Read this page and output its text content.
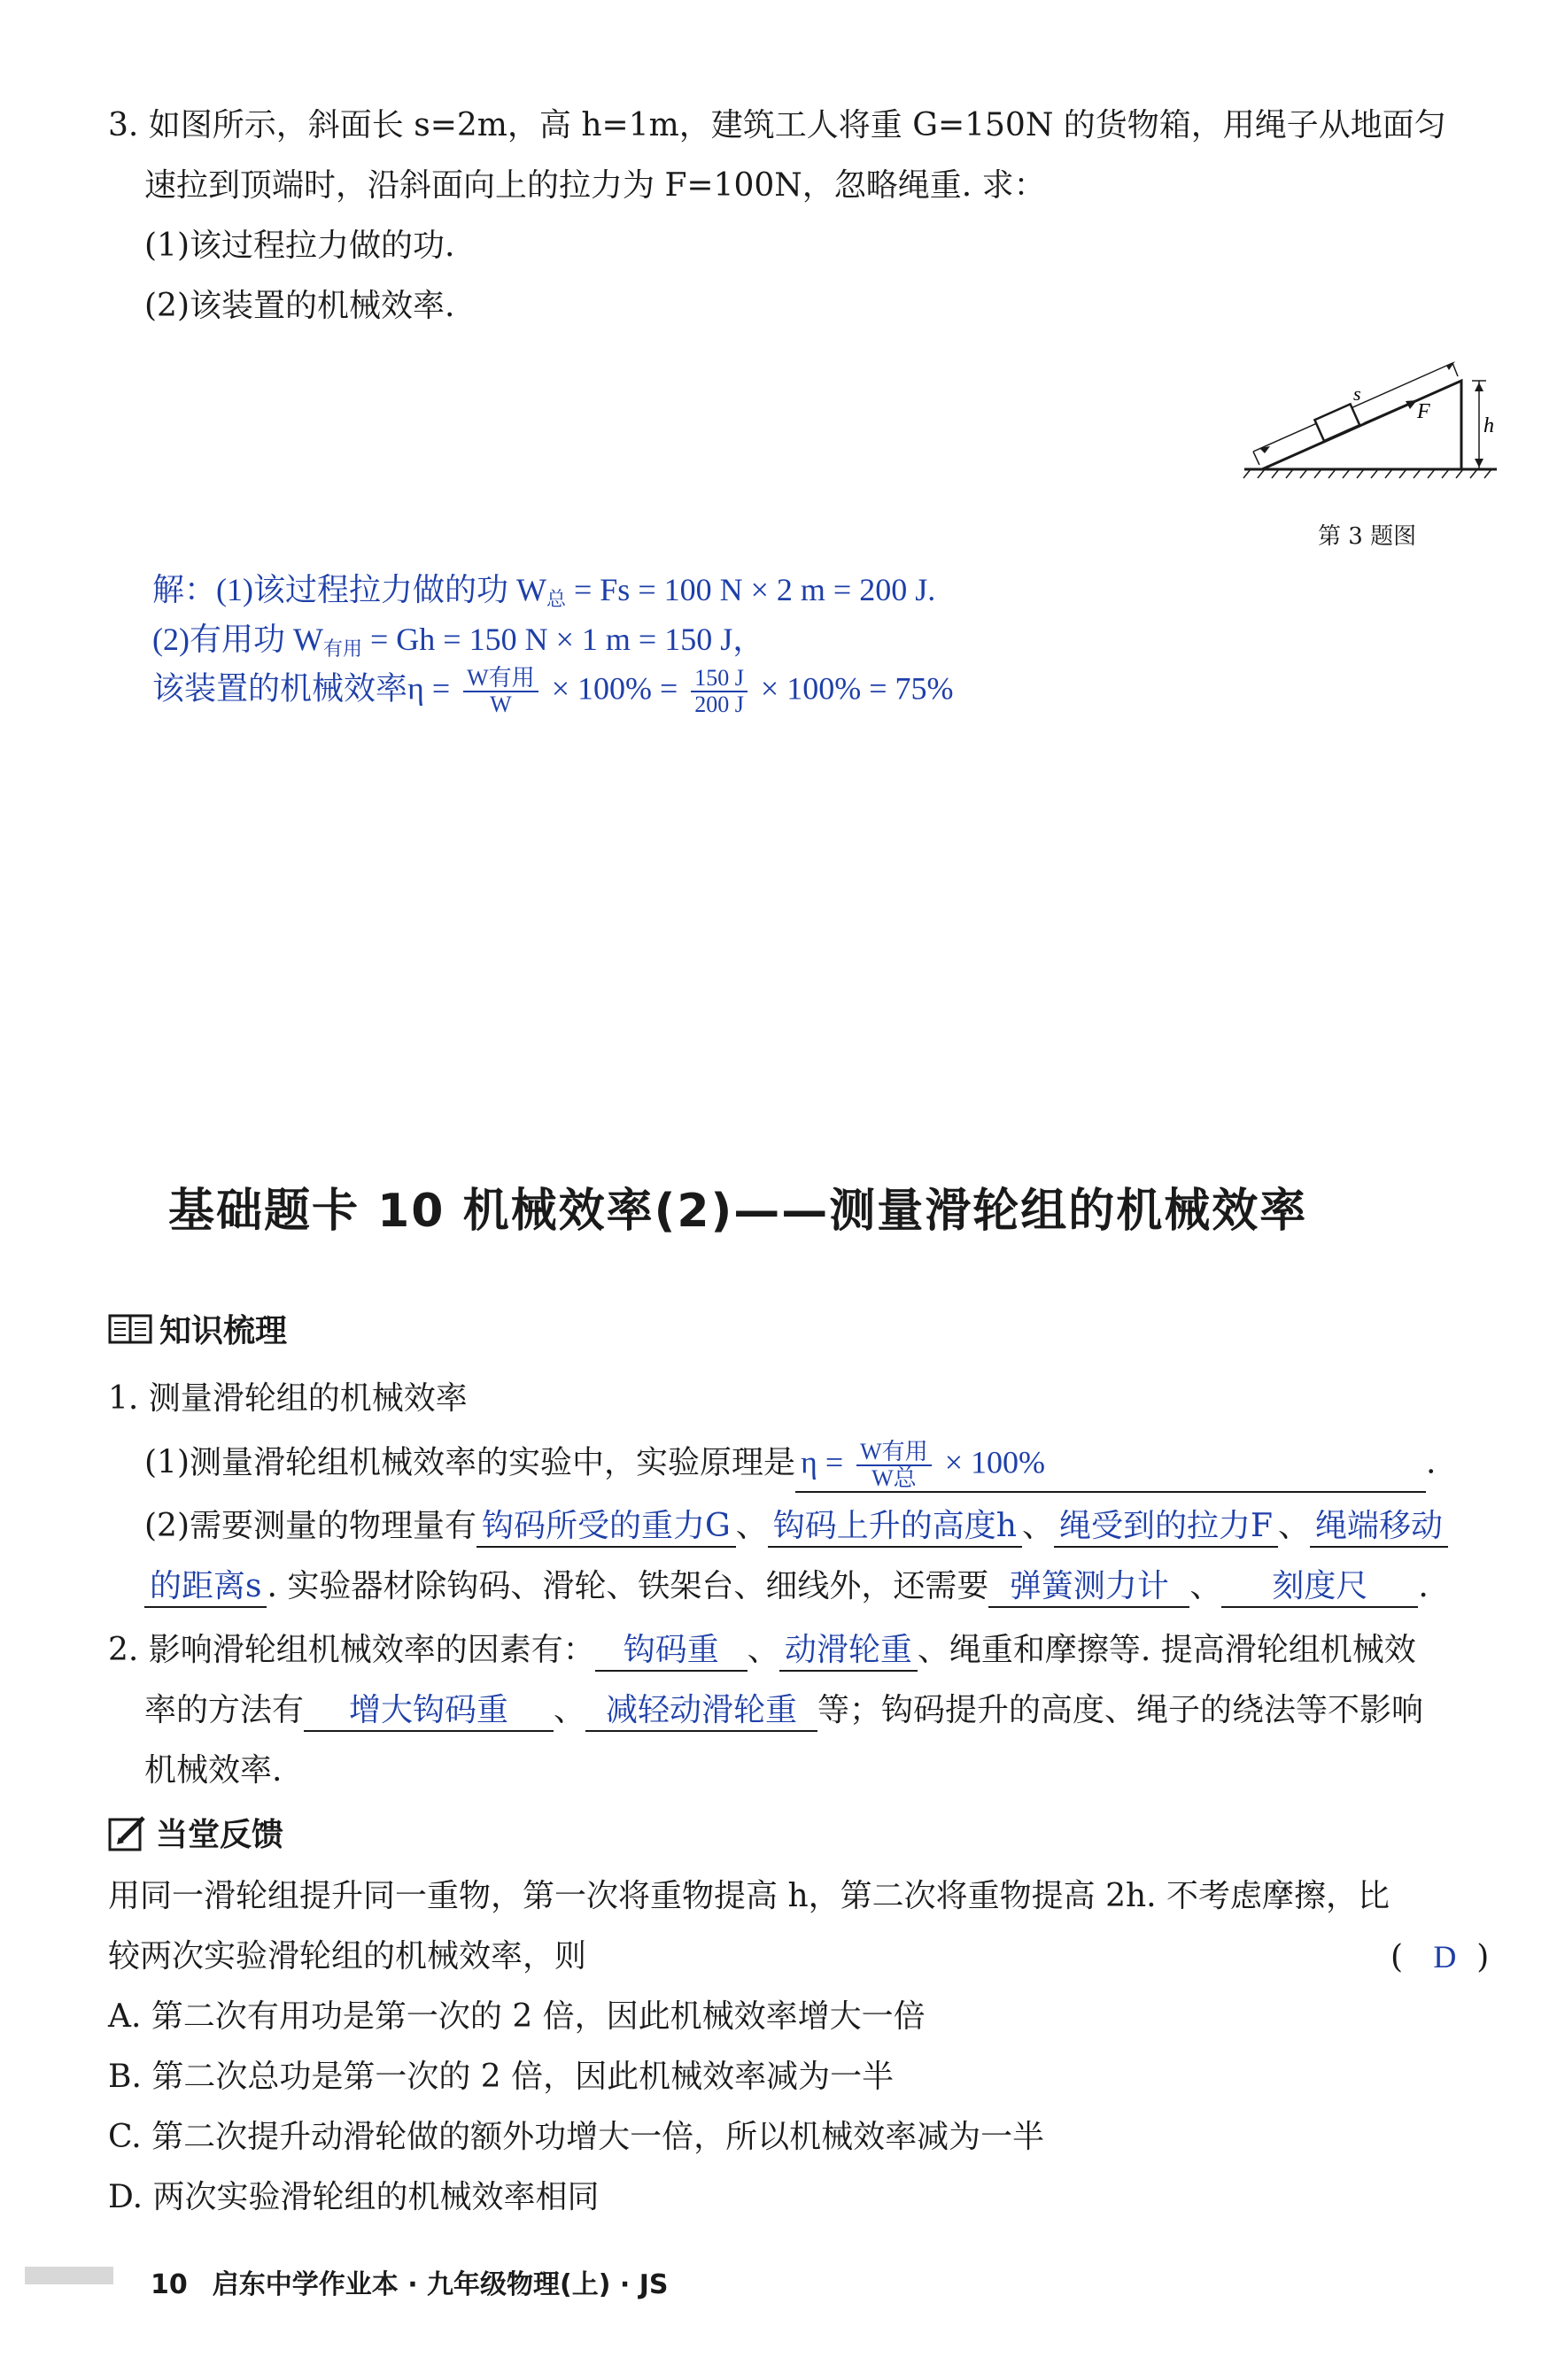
3. 如图所示，斜面长 s=2m，高 h=1m，建筑工人将重 G=150N 的货物箱，用绳子从地面匀
速拉到顶端时，沿斜面向上的拉力为 F=100N，忽略绳重. 求：
(1)该过程拉力做的功.
(2)该装置的机械效率.
s
F
h
第 3 题图
解：(1)该过程拉力做的功 $W_总 = Fs = 100$ N × 2 m = 200 J.
(2)有用功 $W_{有用} = Gh = 150$ N × 1 m = 150 J，
该装置的机械效率$\eta = \frac{\text{W有用}}{W} \times 100\% = \frac{150 J}{200 J} \times 100\% = 75\%$
基础题卡 10 机械效率(2)——测量滑轮组的机械效率
知识梳理
1. 测量滑轮组的机械效率
(1)测量滑轮组机械效率的实验中，实验原理是 $\eta = \frac{\text{W有用}}{\text{W总}} \times 100\%$	.
(2)需要测量的物理量有 钩码所受的重力G 、 钩码上升的高度h 、 绳受到的拉力F 、 绳端移动
的距离s . 实验器材除钩码、滑轮、铁架台、细线外，还需要 弹簧测力计 、 刻度尺 .
2. 影响滑轮组机械效率的因素有： 钩码重 、 动滑轮重 、绳重和摩擦等. 提高滑轮组机械效
率的方法有 增大钩码重 、 减轻动滑轮重 等；钩码提升的高度、绳子的绕法等不影响
机械效率.
当堂反馈
用同一滑轮组提升同一重物，第一次将重物提高 h，第二次将重物提高 2h. 不考虑摩擦，比
较两次实验滑轮组的机械效率，则	(   D  )
A. 第二次有用功是第一次的 2 倍，因此机械效率增大一倍
B. 第二次总功是第一次的 2 倍，因此机械效率减为一半
C. 第二次提升动滑轮做的额外功增大一倍，所以机械效率减为一半
D. 两次实验滑轮组的机械效率相同
10 启东中学作业本 · 九年级物理(上) · JS
